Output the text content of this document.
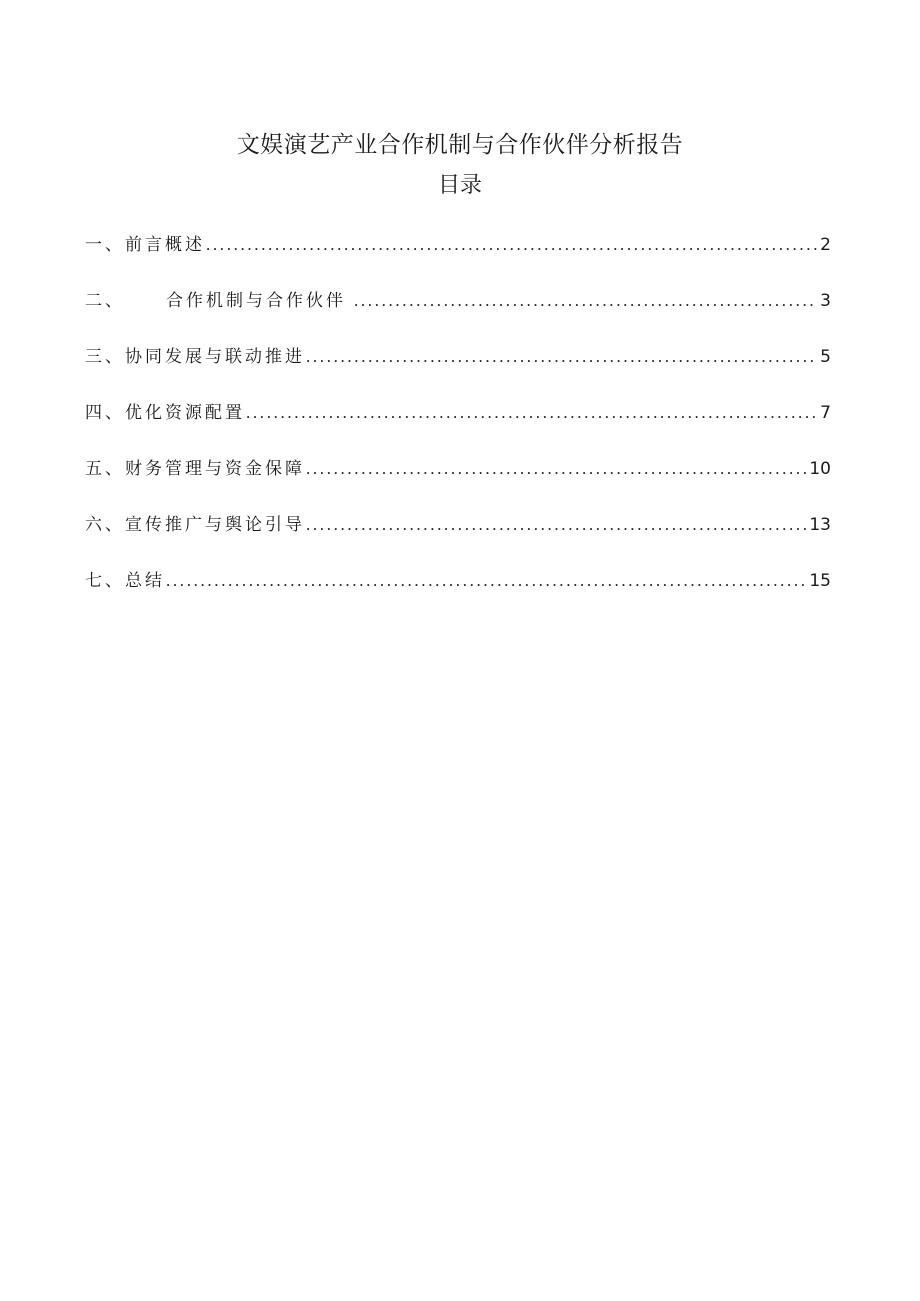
文娱演艺产业合作机制与合作伙伴分析报告
目录
一、 前言概述 . . .	2
二、 合作机制与合作伙伴 . . .	3
三、 协同发展与联动推进 . . .	5
四、 优化资源配置 . . .	7
五、 财务管理与资金保障 . . .	10
六、 宣传推广与舆论引导 . . .	13
七、 总结 . . .	15
